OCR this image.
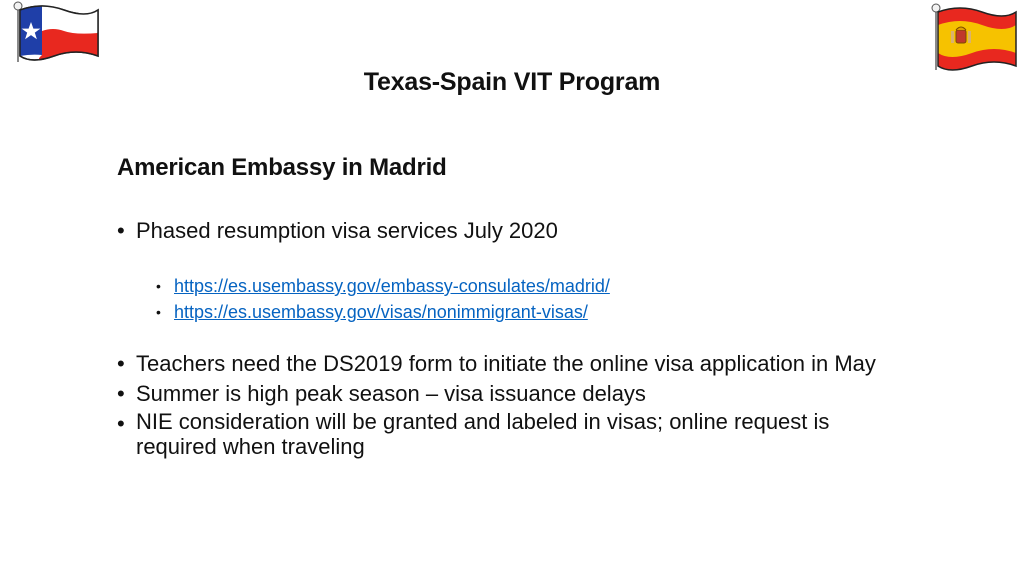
Texas-Spain VIT Program
American Embassy in Madrid
• Phased resumption visa services July 2020
• https://es.usembassy.gov/embassy-consulates/madrid/
• https://es.usembassy.gov/visas/nonimmigrant-visas/
• Teachers need the DS2019 form to initiate the online visa application in May
• Summer is high peak season – visa issuance delays
• NIE consideration will be granted and labeled in visas; online request is
required when traveling
